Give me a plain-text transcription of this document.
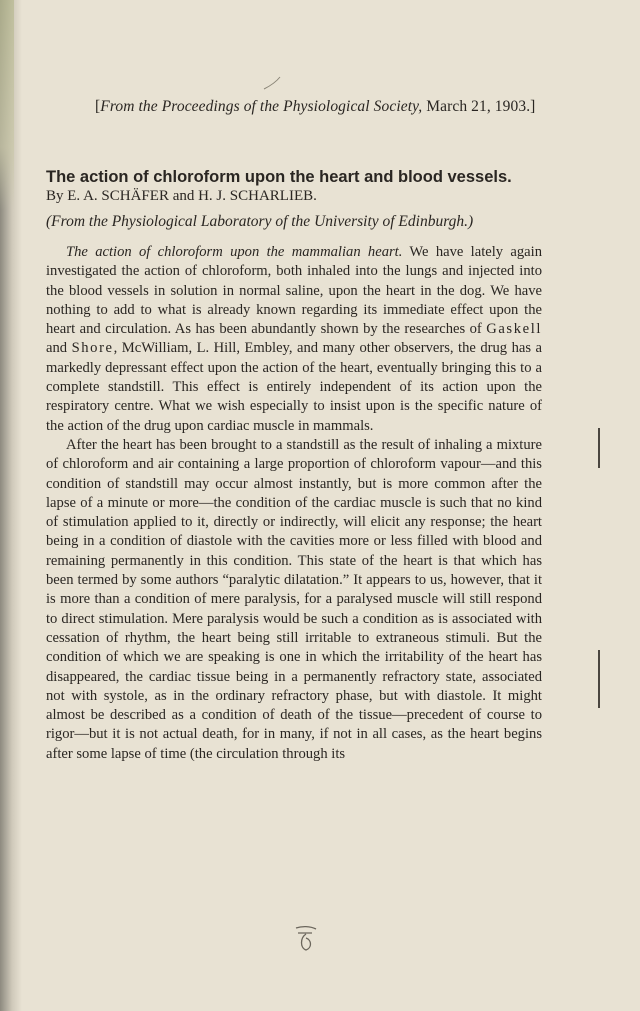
[From the Proceedings of the Physiological Society, March 21, 1903.]
The action of chloroform upon the heart and blood vessels.
By E. A. SCHÄFER and H. J. SCHARLIEB.
(From the Physiological Laboratory of the University of Edinburgh.)

The action of chloroform upon the mammalian heart. We have lately again investigated the action of chloroform, both inhaled into the lungs and injected into the blood vessels in solution in normal saline, upon the heart in the dog. We have nothing to add to what is already known regarding its immediate effect upon the heart and circulation. As has been abundantly shown by the researches of Gaskell and Shore, McWilliam, L. Hill, Embley, and many other observers, the drug has a markedly depressant effect upon the action of the heart, eventually bringing this to a complete standstill. This effect is entirely independent of its action upon the respiratory centre. What we wish especially to insist upon is the specific nature of the action of the drug upon cardiac muscle in mammals.

After the heart has been brought to a standstill as the result of inhaling a mixture of chloroform and air containing a large proportion of chloroform vapour—and this condition of standstill may occur almost instantly, but is more common after the lapse of a minute or more—the condition of the cardiac muscle is such that no kind of stimulation applied to it, directly or indirectly, will elicit any response; the heart being in a condition of diastole with the cavities more or less filled with blood and remaining permanently in this condition. This state of the heart is that which has been termed by some authors “paralytic dilatation.” It appears to us, however, that it is more than a condition of mere paralysis, for a paralysed muscle will still respond to direct stimulation. Mere paralysis would be such a condition as is associated with cessation of rhythm, the heart being still irritable to extraneous stimuli. But the condition of which we are speaking is one in which the irritability of the heart has disappeared, the cardiac tissue being in a permanently refractory state, associated not with systole, as in the ordinary refractory phase, but with diastole. It might almost be described as a condition of death of the tissue—precedent of course to rigor—but it is not actual death, for in many, if not in all cases, as the heart begins after some lapse of time (the circulation through its
